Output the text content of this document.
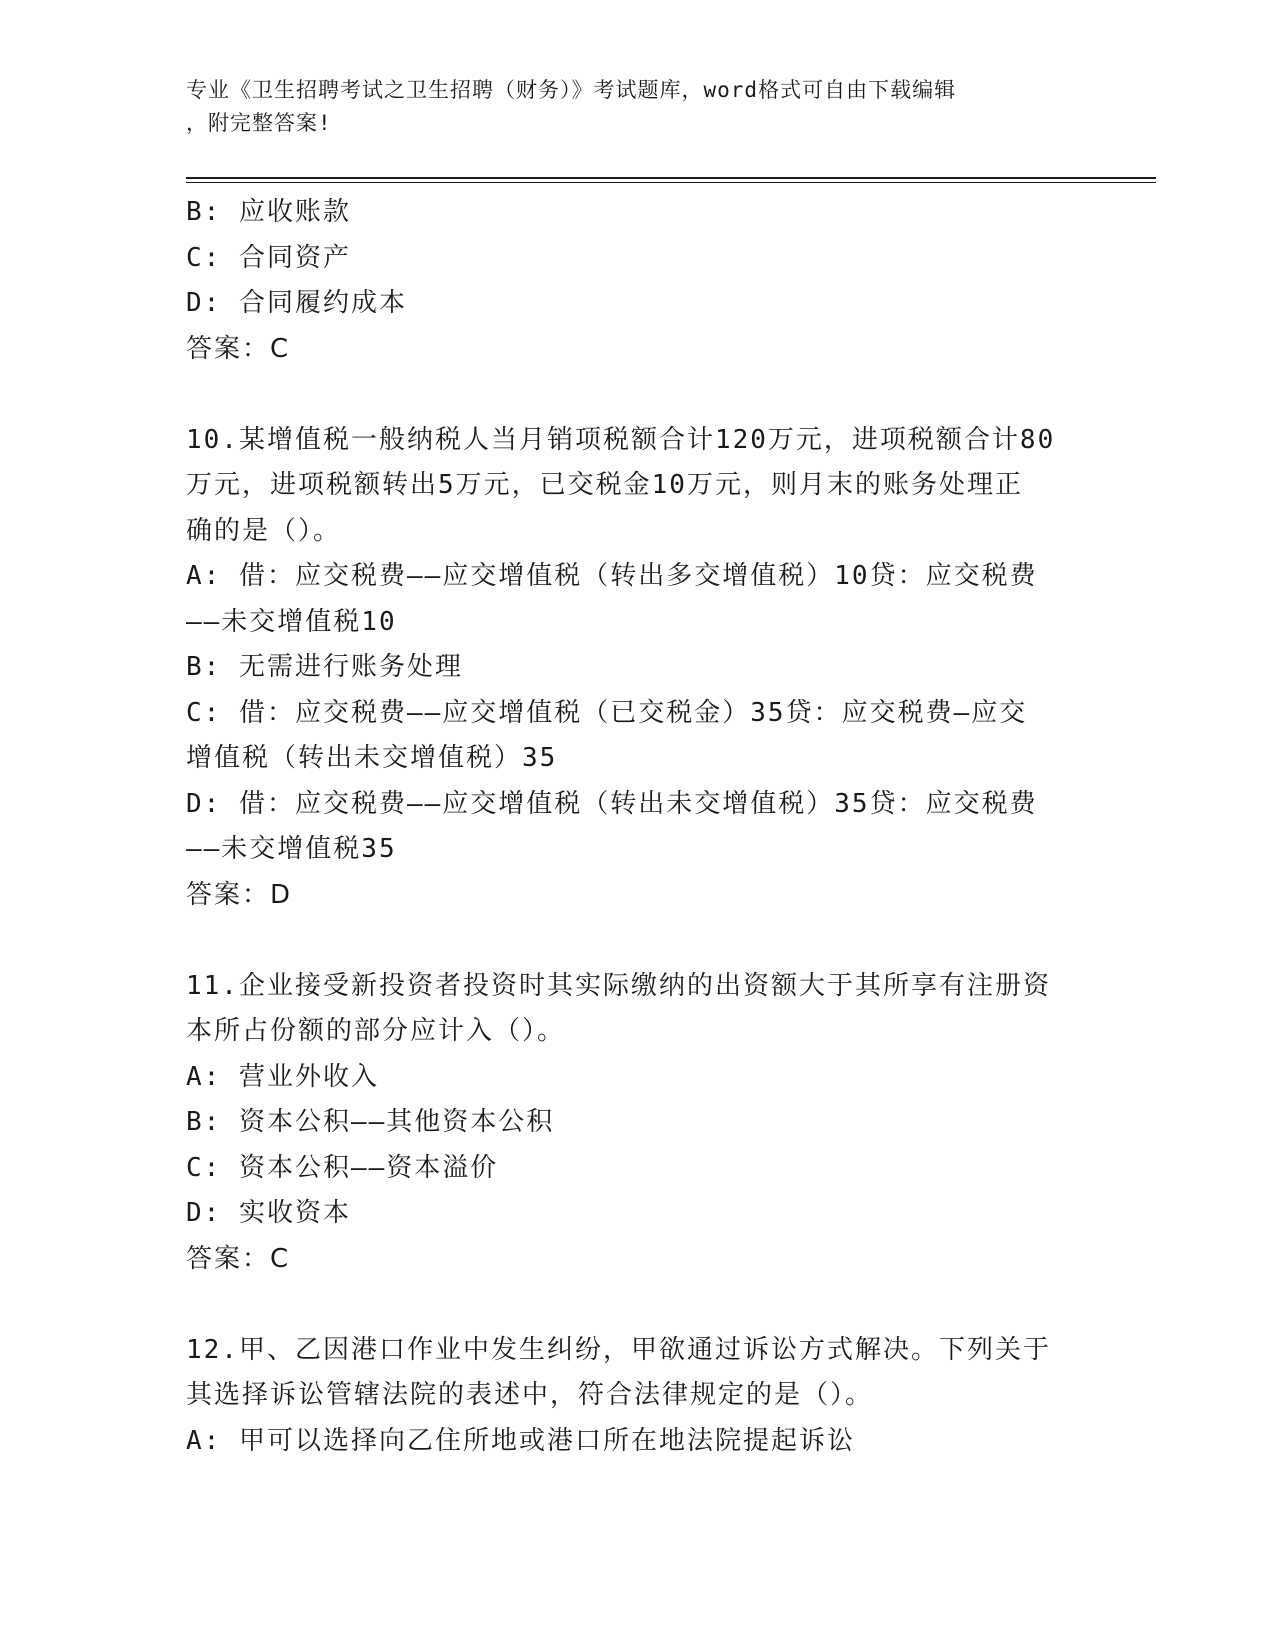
专业《卫生招聘考试之卫生招聘（财务）》考试题库，word格式可自由下载编辑
，附完整答案!
B: 应收账款
C: 合同资产
D: 合同履约成本
答案：C
10.某增值税一般纳税人当月销项税额合计120万元，进项税额合计80
万元，进项税额转出5万元，已交税金10万元，则月末的账务处理正
确的是（）。
A: 借：应交税费——应交增值税（转出多交增值税）10贷：应交税费
——未交增值税10
B: 无需进行账务处理
C: 借：应交税费——应交增值税（已交税金）35贷：应交税费—应交
增值税（转出未交增值税）35
D: 借：应交税费——应交增值税（转出未交增值税）35贷：应交税费
——未交增值税35
答案：D
11.企业接受新投资者投资时其实际缴纳的出资额大于其所享有注册资
本所占份额的部分应计入（）。
A: 营业外收入
B: 资本公积——其他资本公积
C: 资本公积——资本溢价
D: 实收资本
答案：C
12.甲、乙因港口作业中发生纠纷，甲欲通过诉讼方式解决。下列关于
其选择诉讼管辖法院的表述中，符合法律规定的是（）。
A: 甲可以选择向乙住所地或港口所在地法院提起诉讼
